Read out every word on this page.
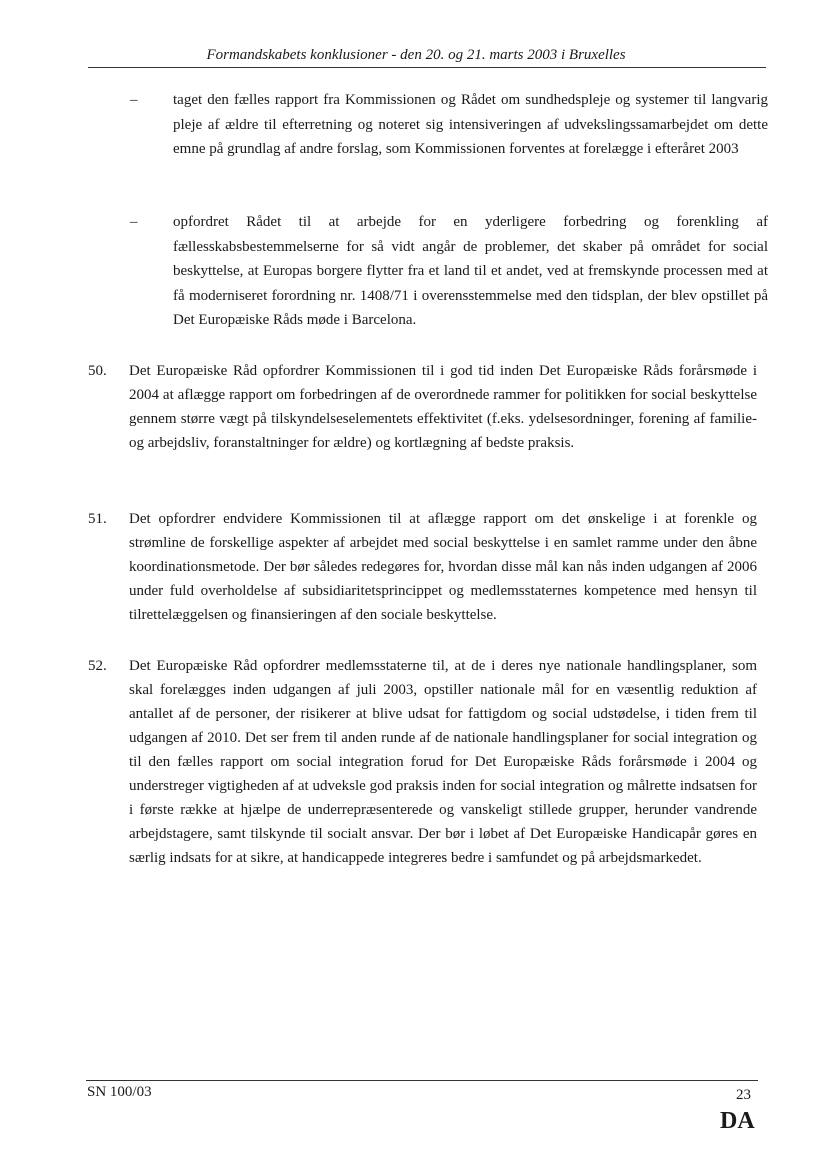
Formandskabets konklusioner - den 20. og 21. marts 2003 i Bruxelles
– taget den fælles rapport fra Kommissionen og Rådet om sundhedspleje og systemer til langvarig pleje af ældre til efterretning og noteret sig intensiveringen af udvekslingssamarbejdet om dette emne på grundlag af andre forslag, som Kommissionen forventes at forelægge i efteråret 2003
– opfordret Rådet til at arbejde for en yderligere forbedring og forenkling af fællesskabsbestemmelserne for så vidt angår de problemer, det skaber på området for social beskyttelse, at Europas borgere flytter fra et land til et andet, ved at fremskynde processen med at få moderniseret forordning nr. 1408/71 i overensstemmelse med den tidsplan, der blev opstillet på Det Europæiske Råds møde i Barcelona.
50. Det Europæiske Råd opfordrer Kommissionen til i god tid inden Det Europæiske Råds forårsmøde i 2004 at aflægge rapport om forbedringen af de overordnede rammer for politikken for social beskyttelse gennem større vægt på tilskyndelseselementets effektivitet (f.eks. ydelsesordninger, forening af familie- og arbejdsliv, foranstaltninger for ældre) og kortlægning af bedste praksis.
51. Det opfordrer endvidere Kommissionen til at aflægge rapport om det ønskelige i at forenkle og strømline de forskellige aspekter af arbejdet med social beskyttelse i en samlet ramme under den åbne koordinationsmetode. Der bør således redegøres for, hvordan disse mål kan nås inden udgangen af 2006 under fuld overholdelse af subsidiaritetsprincippet og medlemsstaternes kompetence med hensyn til tilrettelæggelsen og finansieringen af den sociale beskyttelse.
52. Det Europæiske Råd opfordrer medlemsstaterne til, at de i deres nye nationale handlingsplaner, som skal forelægges inden udgangen af juli 2003, opstiller nationale mål for en væsentlig reduktion af antallet af de personer, der risikerer at blive udsat for fattigdom og social udstødelse, i tiden frem til udgangen af 2010. Det ser frem til anden runde af de nationale handlingsplaner for social integration og til den fælles rapport om social integration forud for Det Europæiske Råds forårsmøde i 2004 og understreger vigtigheden af at udveksle god praksis inden for social integration og målrette indsatsen for i første række at hjælpe de underrepræsenterede og vanskeligt stillede grupper, herunder vandrende arbejdstagere, samt tilskynde til socialt ansvar. Der bør i løbet af Det Europæiske Handicapår gøres en særlig indsats for at sikre, at handicappede integreres bedre i samfundet og på arbejdsmarkedet.
SN 100/03	23
DA
